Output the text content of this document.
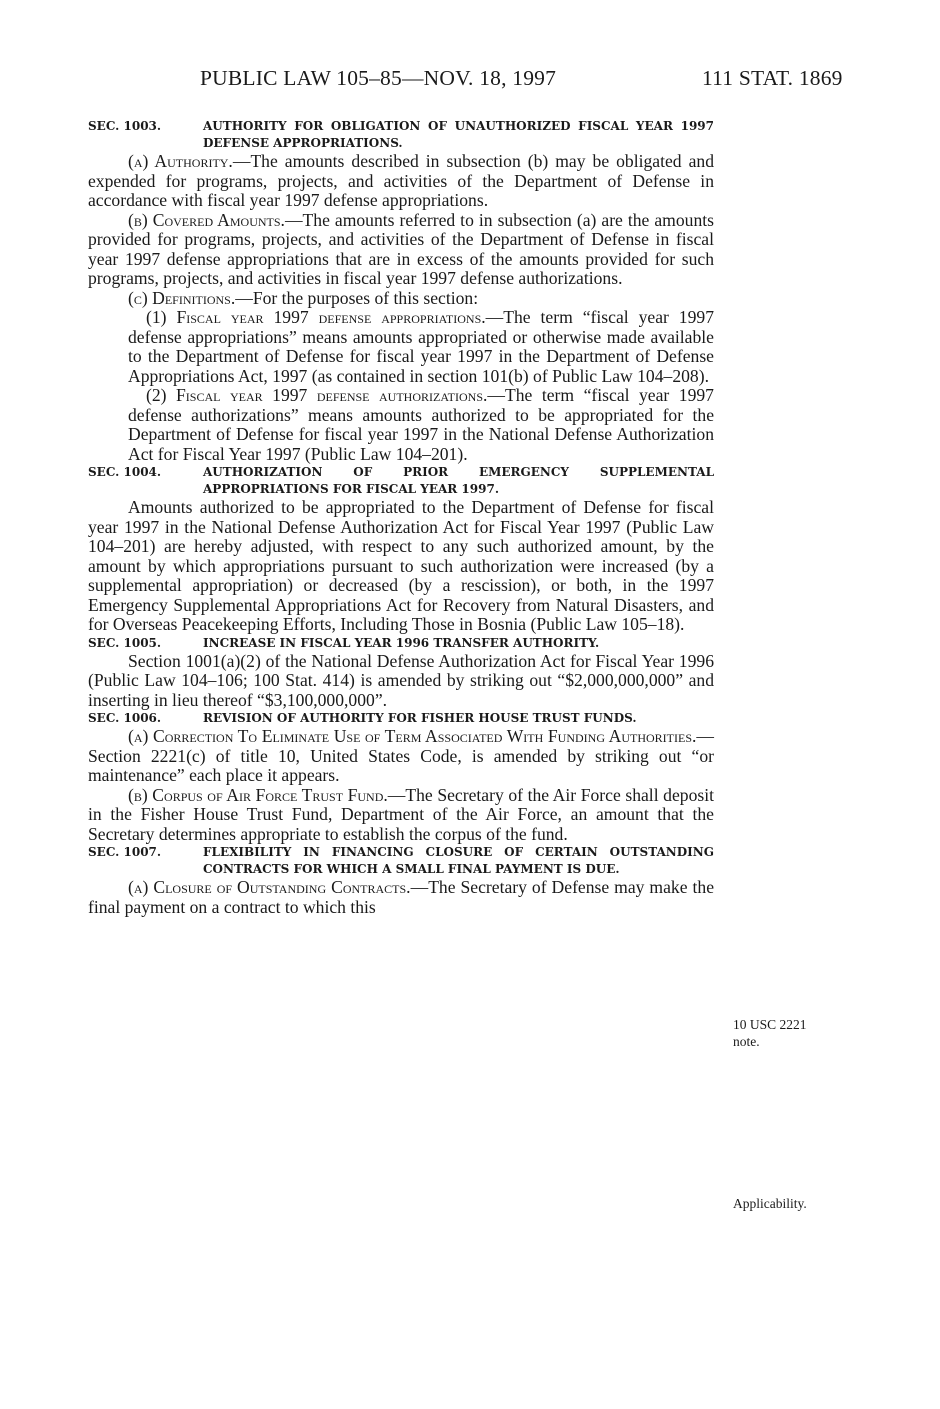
PUBLIC LAW 105–85—NOV. 18, 1997	111 STAT. 1869

SEC. 1003.	AUTHORITY FOR OBLIGATION OF UNAUTHORIZED FISCAL YEAR 1997 DEFENSE APPROPRIATIONS.

(a) Authority.—The amounts described in subsection (b) may be obligated and expended for programs, projects, and activities of the Department of Defense in accordance with fiscal year 1997 defense appropriations.

(b) Covered Amounts.—The amounts referred to in subsection (a) are the amounts provided for programs, projects, and activities of the Department of Defense in fiscal year 1997 defense appropriations that are in excess of the amounts provided for such programs, projects, and activities in fiscal year 1997 defense authorizations.

(c) Definitions.—For the purposes of this section:

(1) Fiscal year 1997 defense appropriations.—The term “fiscal year 1997 defense appropriations” means amounts appropriated or otherwise made available to the Department of Defense for fiscal year 1997 in the Department of Defense Appropriations Act, 1997 (as contained in section 101(b) of Public Law 104–208).

(2) Fiscal year 1997 defense authorizations.—The term “fiscal year 1997 defense authorizations” means amounts authorized to be appropriated for the Department of Defense for fiscal year 1997 in the National Defense Authorization Act for Fiscal Year 1997 (Public Law 104–201).

SEC. 1004.	AUTHORIZATION OF PRIOR EMERGENCY SUPPLEMENTAL APPROPRIATIONS FOR FISCAL YEAR 1997.

Amounts authorized to be appropriated to the Department of Defense for fiscal year 1997 in the National Defense Authorization Act for Fiscal Year 1997 (Public Law 104–201) are hereby adjusted, with respect to any such authorized amount, by the amount by which appropriations pursuant to such authorization were increased (by a supplemental appropriation) or decreased (by a rescission), or both, in the 1997 Emergency Supplemental Appropriations Act for Recovery from Natural Disasters, and for Overseas Peacekeeping Efforts, Including Those in Bosnia (Public Law 105–18).

SEC. 1005.	INCREASE IN FISCAL YEAR 1996 TRANSFER AUTHORITY.

Section 1001(a)(2) of the National Defense Authorization Act for Fiscal Year 1996 (Public Law 104–106; 100 Stat. 414) is amended by striking out “$2,000,000,000” and inserting in lieu thereof “$3,100,000,000”.

SEC. 1006.	REVISION OF AUTHORITY FOR FISHER HOUSE TRUST FUNDS.

(a) Correction To Eliminate Use of Term Associated With Funding Authorities.—Section 2221(c) of title 10, United States Code, is amended by striking out “or maintenance” each place it appears.

(b) Corpus of Air Force Trust Fund.—The Secretary of the Air Force shall deposit in the Fisher House Trust Fund, Department of the Air Force, an amount that the Secretary determines appropriate to establish the corpus of the fund.

SEC. 1007.	FLEXIBILITY IN FINANCING CLOSURE OF CERTAIN OUTSTANDING CONTRACTS FOR WHICH A SMALL FINAL PAYMENT IS DUE.

(a) Closure of Outstanding Contracts.—The Secretary of Defense may make the final payment on a contract to which this

10 USC 2221 note.
Applicability.
